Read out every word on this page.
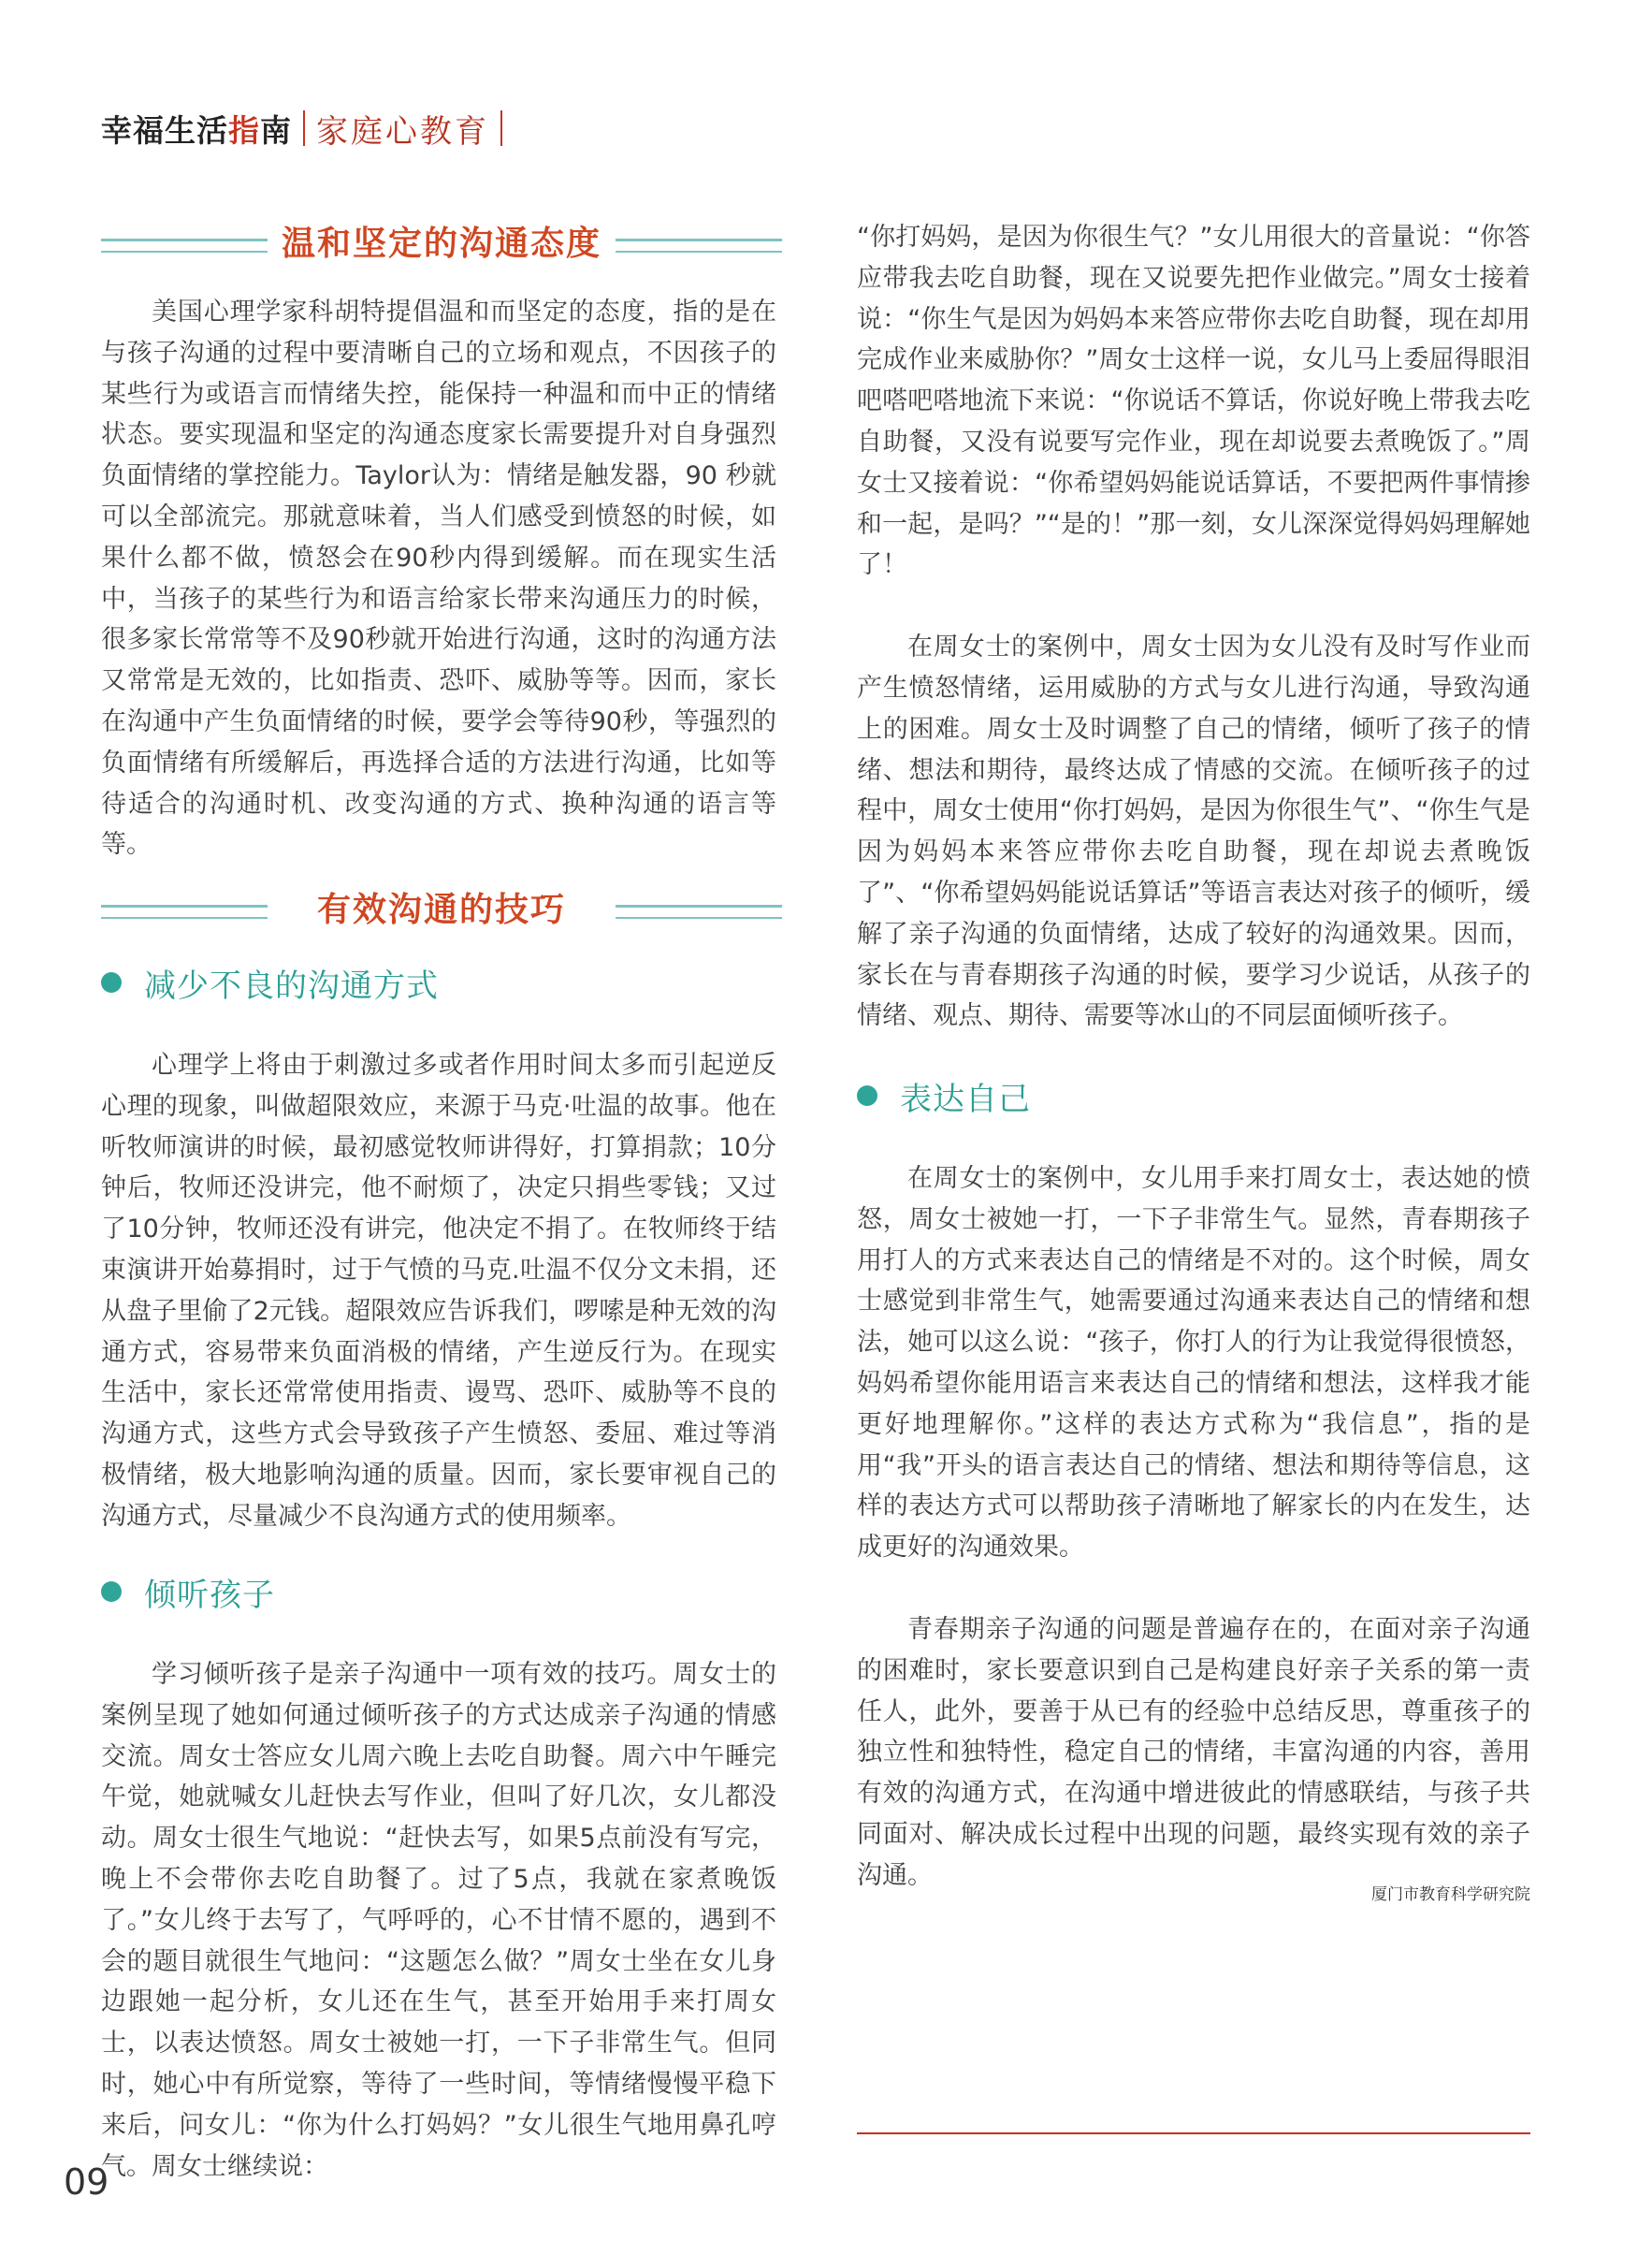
幸福生活指南 家庭心教育
温和坚定的沟通态度

美国心理学家科胡特提倡温和而坚定的态度，指的是在与孩子沟通的过程中要清晰自己的立场和观点，不因孩子的某些行为或语言而情绪失控，能保持一种温和而中正的情绪状态。要实现温和坚定的沟通态度家长需要提升对自身强烈负面情绪的掌控能力。Taylor认为：情绪是触发器，90 秒就可以全部流完。那就意味着，当人们感受到愤怒的时候，如果什么都不做，愤怒会在90秒内得到缓解。而在现实生活中，当孩子的某些行为和语言给家长带来沟通压力的时候，很多家长常常等不及90秒就开始进行沟通，这时的沟通方法又常常是无效的，比如指责、恐吓、威胁等等。因而，家长在沟通中产生负面情绪的时候，要学会等待90秒，等强烈的负面情绪有所缓解后，再选择合适的方法进行沟通，比如等待适合的沟通时机、改变沟通的方式、换种沟通的语言等等。

有效沟通的技巧
减少不良的沟通方式

心理学上将由于刺激过多或者作用时间太多而引起逆反心理的现象，叫做超限效应，来源于马克·吐温的故事。他在听牧师演讲的时候，最初感觉牧师讲得好，打算捐款；10分钟后，牧师还没讲完，他不耐烦了，决定只捐些零钱；又过了10分钟，牧师还没有讲完，他决定不捐了。在牧师终于结束演讲开始募捐时，过于气愤的马克.吐温不仅分文未捐，还从盘子里偷了2元钱。超限效应告诉我们，啰嗦是种无效的沟通方式，容易带来负面消极的情绪，产生逆反行为。在现实生活中，家长还常常使用指责、谩骂、恐吓、威胁等不良的沟通方式，这些方式会导致孩子产生愤怒、委屈、难过等消极情绪，极大地影响沟通的质量。因而，家长要审视自己的沟通方式，尽量减少不良沟通方式的使用频率。

倾听孩子

学习倾听孩子是亲子沟通中一项有效的技巧。周女士的案例呈现了她如何通过倾听孩子的方式达成亲子沟通的情感交流。周女士答应女儿周六晚上去吃自助餐。周六中午睡完午觉，她就喊女儿赶快去写作业，但叫了好几次，女儿都没动。周女士很生气地说：“赶快去写，如果5点前没有写完，晚上不会带你去吃自助餐了。过了5点，我就在家煮晚饭了。”女儿终于去写了，气呼呼的，心不甘情不愿的，遇到不会的题目就很生气地问：“这题怎么做？”周女士坐在女儿身边跟她一起分析，女儿还在生气，甚至开始用手来打周女士，以表达愤怒。周女士被她一打，一下子非常生气。但同时，她心中有所觉察，等待了一些时间，等情绪慢慢平稳下来后，问女儿：“你为什么打妈妈？”女儿很生气地用鼻孔哼气。周女士继续说：

“你打妈妈，是因为你很生气？”女儿用很大的音量说：“你答应带我去吃自助餐，现在又说要先把作业做完。”周女士接着说：“你生气是因为妈妈本来答应带你去吃自助餐，现在却用完成作业来威胁你？”周女士这样一说，女儿马上委屈得眼泪吧嗒吧嗒地流下来说：“你说话不算话，你说好晚上带我去吃自助餐，又没有说要写完作业，现在却说要去煮晚饭了。”周女士又接着说：“你希望妈妈能说话算话，不要把两件事情掺和一起，是吗？”“是的！”那一刻，女儿深深觉得妈妈理解她了！

在周女士的案例中，周女士因为女儿没有及时写作业而产生愤怒情绪，运用威胁的方式与女儿进行沟通，导致沟通上的困难。周女士及时调整了自己的情绪，倾听了孩子的情绪、想法和期待，最终达成了情感的交流。在倾听孩子的过程中，周女士使用“你打妈妈，是因为你很生气”、“你生气是因为妈妈本来答应带你去吃自助餐，现在却说去煮晚饭了”、“你希望妈妈能说话算话”等语言表达对孩子的倾听，缓解了亲子沟通的负面情绪，达成了较好的沟通效果。因而，家长在与青春期孩子沟通的时候，要学习少说话，从孩子的情绪、观点、期待、需要等冰山的不同层面倾听孩子。

表达自己

在周女士的案例中，女儿用手来打周女士，表达她的愤怒，周女士被她一打，一下子非常生气。显然，青春期孩子用打人的方式来表达自己的情绪是不对的。这个时候，周女士感觉到非常生气，她需要通过沟通来表达自己的情绪和想法，她可以这么说：“孩子，你打人的行为让我觉得很愤怒，妈妈希望你能用语言来表达自己的情绪和想法，这样我才能更好地理解你。”这样的表达方式称为“我信息”，指的是用“我”开头的语言表达自己的情绪、想法和期待等信息，这样的表达方式可以帮助孩子清晰地了解家长的内在发生，达成更好的沟通效果。

青春期亲子沟通的问题是普遍存在的，在面对亲子沟通的困难时，家长要意识到自己是构建良好亲子关系的第一责任人，此外，要善于从已有的经验中总结反思，尊重孩子的独立性和独特性，稳定自己的情绪，丰富沟通的内容，善用有效的沟通方式，在沟通中增进彼此的情感联结，与孩子共同面对、解决成长过程中出现的问题，最终实现有效的亲子沟通。

厦门市教育科学研究院
09
